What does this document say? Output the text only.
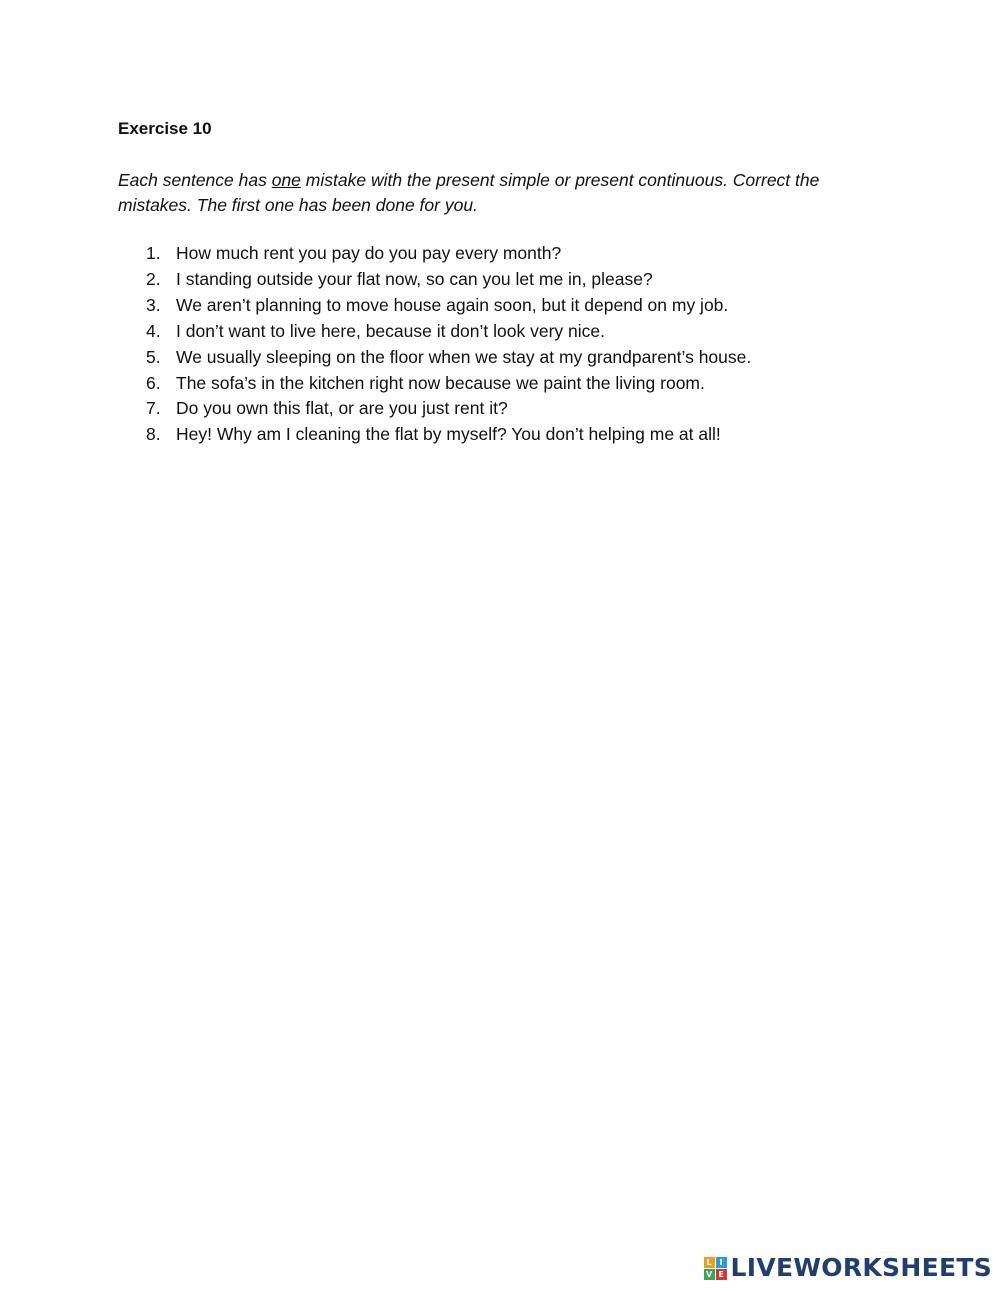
Exercise 10
Each sentence has one mistake with the present simple or present continuous. Correct the mistakes. The first one has been done for you.
1. How much rent you pay do you pay every month?
2. I standing outside your flat now, so can you let me in, please?
3. We aren’t planning to move house again soon, but it depend on my job.
4. I don’t want to live here, because it don’t look very nice.
5. We usually sleeping on the floor when we stay at my grandparent’s house.
6. The sofa’s in the kitchen right now because we paint the living room.
7. Do you own this flat, or are you just rent it?
8. Hey! Why am I cleaning the flat by myself? You don’t helping me at all!
L I
V E LIVEWORKSHEETS
